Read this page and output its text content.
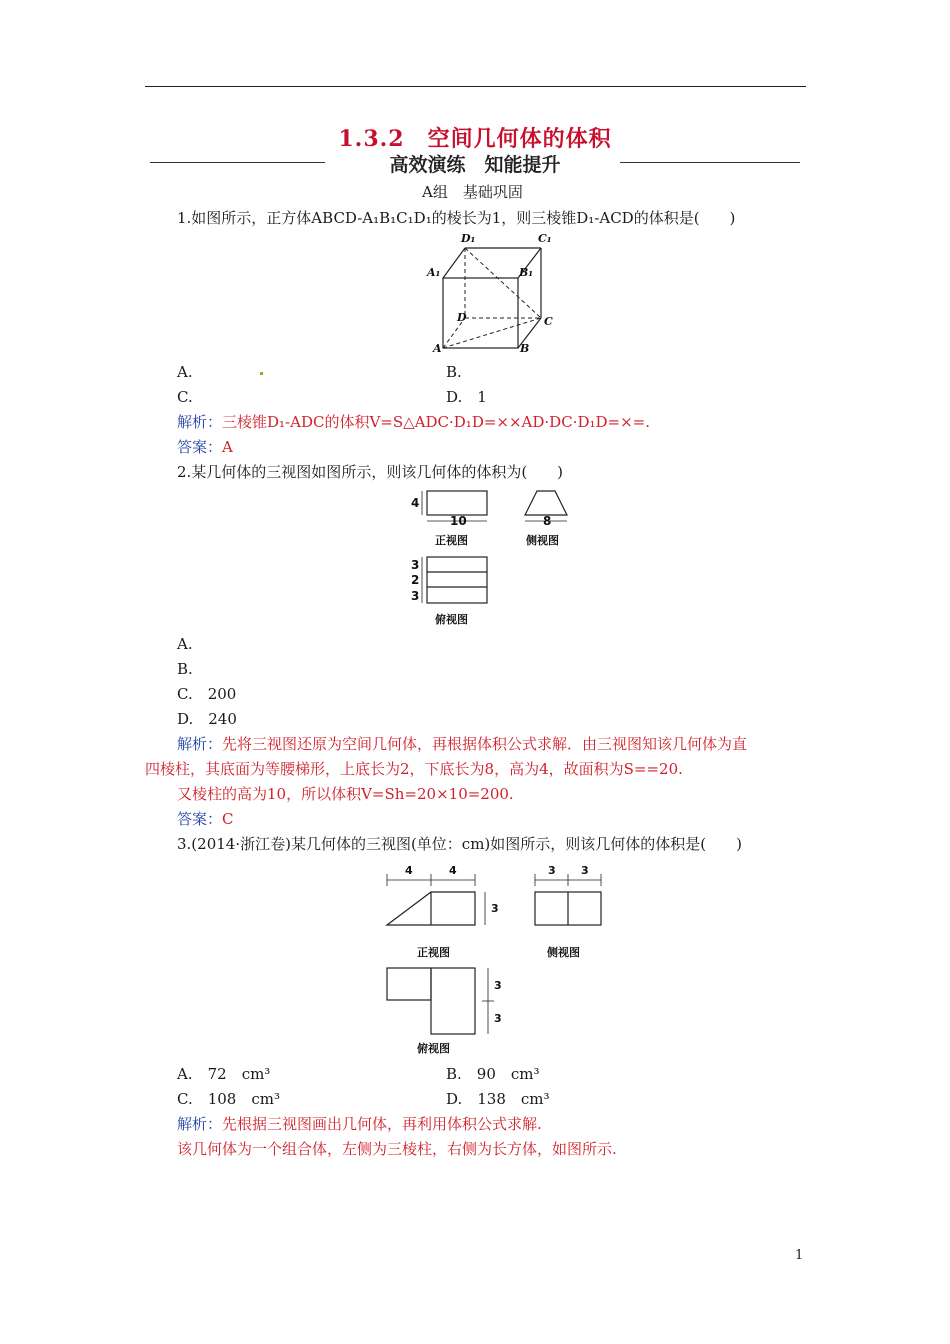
1.3.2　空间几何体的体积
高效演练　知能提升
A组　基础巩固
1.如图所示，正方体ABCD-A₁B₁C₁D₁的棱长为1，则三棱锥D₁-ACD的体积是(　　)
D₁	C₁
A₁	B₁
D	C
A	B
A.	B.
C.	D.　1
解析：三棱锥D₁-ADC的体积V=S△ADC·D₁D=××AD·DC·D₁D=×=.
答案：A
2.某几何体的三视图如图所示，则该几何体的体积为(　　)
4
10	8
3
2
3
正视图	侧视图
俯视图
A.
B.
C.　200
D.　240
解析：先将三视图还原为空间几何体，再根据体积公式求解．由三视图知该几何体为直
四棱柱，其底面为等腰梯形，上底长为2，下底长为8，高为4，故面积为S==20.
又棱柱的高为10，所以体积V=Sh=20×10=200.
答案：C
3.(2014·浙江卷)某几何体的三视图(单位：cm)如图所示，则该几何体的体积是(　　)
4	4
3
3 3
3
3
正视图	侧视图
俯视图
A.　72　cm³	B.　90　cm³
C.　108　cm³	D.　138　cm³
解析：先根据三视图画出几何体，再利用体积公式求解.
该几何体为一个组合体，左侧为三棱柱，右侧为长方体，如图所示.
1
